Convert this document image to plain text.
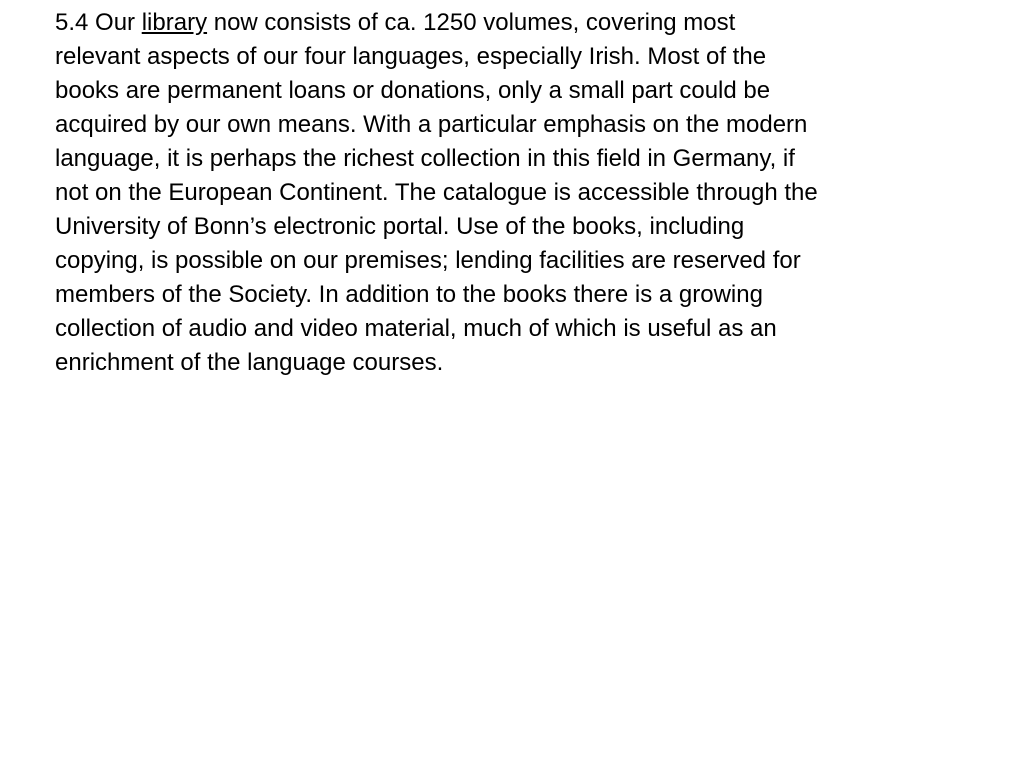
5.4 Our library now consists of ca. 1250 volumes, covering most
relevant aspects of our four languages, especially Irish. Most of the
books are permanent loans or donations, only a small part could be
acquired by our own means. With a particular emphasis on the modern
language, it is perhaps the richest collection in this field in Germany, if
not on the European Continent. The catalogue is accessible through the
University of Bonn’s electronic portal. Use of the books, including
copying, is possible on our premises; lending facilities are reserved for
members of the Society. In addition to the books there is a growing
collection of audio and video material, much of which is useful as an
enrichment of the language courses.
